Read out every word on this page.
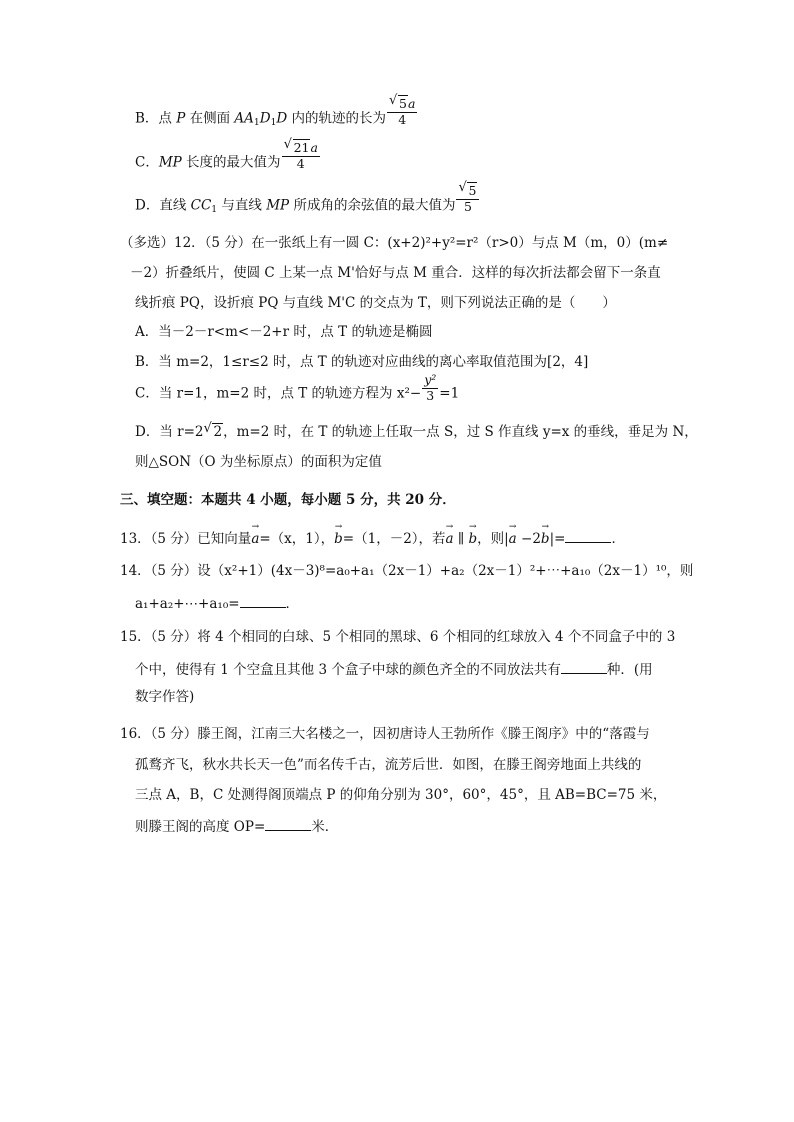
B．点 P 在侧面 $AA_1D_1D$ 内的轨迹的长为 √ $\frac{5a}{4}$
C．MP 长度的最大值为 √ $\frac{21a}{4}$
D．直线 $CC_1$ 与直线 MP 所成角的余弦值的最大值为 √ $\frac{5}{5}$
（多选）12．（5 分）在一张纸上有一圆 C：(x+2)²+y²=r²（r>0）与点 M（m，0）(m≠
－2）折叠纸片，使圆 C 上某一点 M'恰好与点 M 重合．这样的每次折法都会留下一条直
线折痕 PQ，设折痕 PQ 与直线 M'C 的交点为 T，则下列说法正确的是（　　）
A．当－2－r<m<－2+r 时，点 T 的轨迹是椭圆
B．当 m=2，1≤r≤2 时，点 T 的轨迹对应曲线的离心率取值范围为[2，4]
C．当 r=1，m=2 时，点 T 的轨迹方程为 $x^2- \frac{\text{y²}}{3} =1$
D．当 r=2 √ 2，m=2 时，在 T 的轨迹上任取一点 S，过 S 作直线 y=x 的垂线，垂足为 N，
则△SON（O 为坐标原点）的面积为定值
三、填空题：本题共 4 小题，每小题 5 分，共 20 分．
13．（5 分）已知向量→ a=（x，1），→ b=（1，－2），若→ a ∥ → b，则|→ a −2→ b|=	．
14．（5 分）设（x²+1）(4x－3)⁸=a₀+a₁（2x－1）+a₂（2x－1）²+⋯+a₁₀（2x－1）¹⁰，则
a₁+a₂+⋯+a₁₀=	．
15．（5 分）将 4 个相同的白球、5 个相同的黑球、6 个相同的红球放入 4 个不同盒子中的 3
个中，使得有 1 个空盒且其他 3 个盒子中球的颜色齐全的不同放法共有	种．(用
数字作答)
16．（5 分）滕王阁，江南三大名楼之一，因初唐诗人王勃所作《滕王阁序》中的“落霞与
孤鹜齐飞，秋水共长天一色”而名传千古，流芳后世．如图，在滕王阁旁地面上共线的
三点 A，B，C 处测得阁顶端点 P 的仰角分别为 30°，60°，45°，且 AB=BC=75 米，
则滕王阁的高度 OP=	米．
